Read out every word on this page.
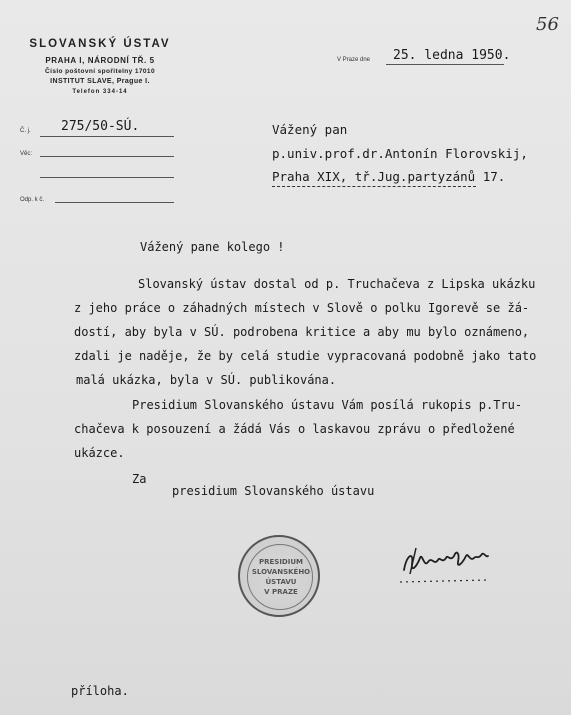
56
SLOVANSKÝ ÚSTAV
PRAHA I, NÁRODNÍ TŘ. 5
Číslo poštovní spořitelny 17010
INSTITUT SLAVE, Prague I.
Telefon 334-14
V Praze dne 25. ledna 1950.
Č. j. 275/50-SÚ.
Věc:
Odp. k č.
Vážený pan
p.univ.prof.dr.Antonín Florovskij,
Praha XIX, tř.Jug.partyzánů 17.
Vážený pane kolego !
Slovanský ústav dostal od p. Truchačeva z Lipska ukázku
z jeho práce o záhadných místech v Slově o polku Igorevě se žá-
dostí, aby byla v SÚ. podrobena kritice a aby mu bylo oznámeno,
zdali je naděje, že by celá studie vypracovaná podobně jako tato
malá ukázka, byla v SÚ. publikována.
Presidium Slovanského ústavu Vám posílá rukopis p.Tru-
chačeva k posouzení a žádá Vás o laskavou zprávu o předložené
ukázce.
Za
presidium Slovanského ústavu
PRESIDIUM
SLOVANSKÉHO
ÚSTAVU
V PRAZE
příloha.
